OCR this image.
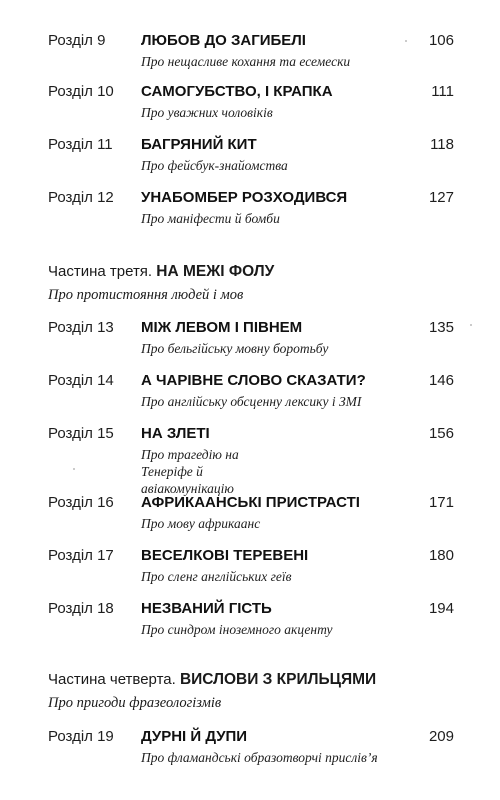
Розділ 9 ЛЮБОВ ДО ЗАГИБЕЛІ	106
Про нещасливе кохання та есемески
Розділ 10 САМОГУБСТВО, І КРАПКА	111
Про уважних чоловіків
Розділ 11 БАГРЯНИЙ КИТ	118
Про фейсбук-знайомства
Розділ 12 УНАБОМБЕР РОЗХОДИВСЯ	127
Про маніфести й бомби
Частина третя. НА МЕЖІ ФОЛУ
Про протистояння людей і мов
Розділ 13 МІЖ ЛЕВОМ І ПІВНЕМ	135
Про бельгійську мовну боротьбу
Розділ 14 А ЧАРІВНЕ СЛОВО СКАЗАТИ?	146
Про англійську обсценну лексику і ЗМІ
Розділ 15 НА ЗЛЕТІ	156
Про трагедію на Тенеріфе й авіакомунікацію
Розділ 16 АФРИКААНСЬКІ ПРИСТРАСТІ	171
Про мову африкаанс
Розділ 17 ВЕСЕЛКОВІ ТЕРЕВЕНІ	180
Про сленг англійських геїв
Розділ 18 НЕЗВАНИЙ ГІСТЬ	194
Про синдром іноземного акценту
Частина четверта. ВИСЛОВИ З КРИЛЬЦЯМИ
Про пригоди фразеологізмів
Розділ 19 ДУРНІ Й ДУПИ	209
Про фламандські образотворчі прислів’я
